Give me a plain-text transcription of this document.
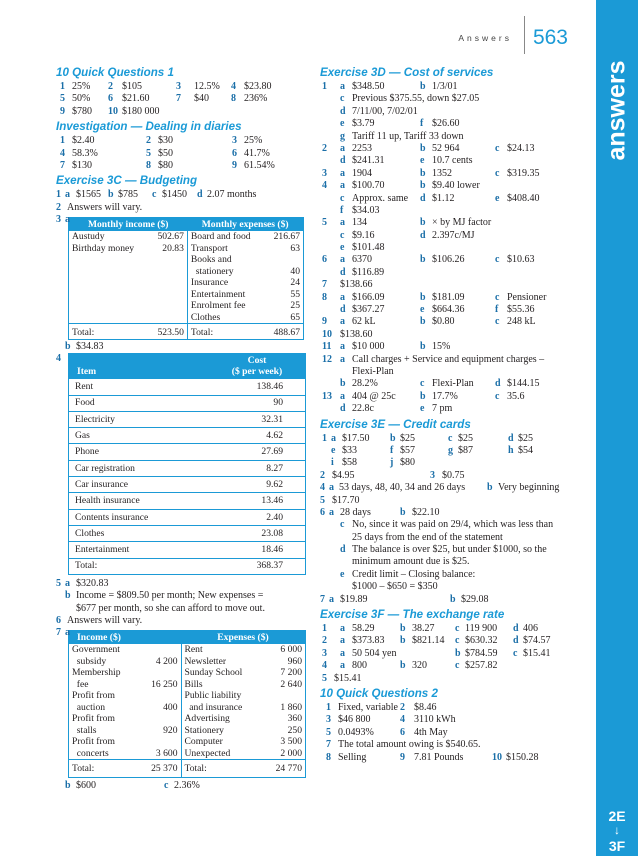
Answers 563
answers
2E
↓
3F
10 Quick Questions 1
1 25% 2 $105	3 12.5% 4 $23.80
5 50% 6 $21.60	7 $40 8 236%
9 $780 10 $180 000
Investigation — Dealing in diaries
1 $2.40	2 $30	3 25%
4 58.3%	5 $50	6 41.7%
7 $130	8 $80	9 61.54%
Exercise 3C — Budgeting
1 a $1565 b $785 c $1450 d 2.07 months
2 Answers will vary.
3 a Monthly income ($)		Monthly expenses ($)	
Austudy	502.67	Board and food	216.67
Birthday money	20.83	Transport	63
		Books and	
		stationery	40
		Insurance	24
		Entertainment	55
		Enrolment fee	25
		Clothes	65
Total:	523.50	Total:	488.67
b $34.83
4
Item	Cost
($ per week)

Rent	138.46
Food	90
Electricity	32.31
Gas	4.62
Phone	27.69
Car registration	8.27
Car insurance	9.62
Health insurance	13.46
Contents insurance	2.40
Clothes	23.08
Entertainment	18.46
Total:	368.37
5 a $320.83
b Income = $809.50 per month; New expenses =
$677 per month, so she can afford to move out.
6 Answers will vary.
7 a Income ($)		Expenses ($)	
Government		Rent	6 000
subsidy	4 200	Newsletter	960
Membership		Sunday School	7 200
fee	16 250	Bills	2 640
Profit from		Public liability	
auction	400	and insurance	1 860
Profit from		Advertising	360
stalls	920	Stationery	250
Profit from		Computer	3 500
concerts	3 600	Unexpected	2 000
Total:	25 370	Total:	24 770
b $600	c 2.36%
Exercise 3D — Cost of services
1 a $348.50	b 1/3/01
c Previous $375.55, down $27.05
d 7/11/00, 7/02/01
e $3.79	f $26.60
g Tariff 11 up, Tariff 33 down
2 a 2253	b 52 964	c $24.13
d $241.31	e 10.7 cents
3 a 1904	b 1352	c $319.35
4 a $100.70	b $9.40 lower
c Approx. same d $1.12	e $408.40
f $34.03
5 a 134	b × by MJ factor
c $9.16	d 2.397c/MJ
e $101.48
6 a 6370	b $106.26	c $10.63
d $116.89
7 $138.66
8 a $166.09	b $181.09	c Pensioner
d $367.27	e $664.36	f $55.36
9 a 62 kL	b $0.80	c 248 kL
10 $138.60
11 a $10 000	b 15%
12 a Call charges + Service and equipment charges –
Flexi-Plan
b 28.2%	c Flexi-Plan d $144.15
13 a 404 @ 25c b 17.7%	c 35.6
d 22.8c	e 7 pm
Exercise 3E — Credit cards
1 a $17.50 b $25	c $25	d $25
e $33	f $57	g $87	h $54
i $58	j $80
2 $4.95	3 $0.75
4 a 53 days, 48, 40, 34 and 26 days b Very beginning
5 $17.70
6 a 28 days	b $22.10
c No, since it was paid on 29/4, which was less than
25 days from the end of the statement
d The balance is over $25, but under $1000, so the
minimum amount due is $25.
e Credit limit – Closing balance:
$1000 – $650 = $350
7 a $19.89	b $29.08
Exercise 3F — The exchange rate
1 a 58.29	b 38.27 c 119 900 d 406
2 a $373.83 b $821.14 c $630.32 d $74.57
3 a 50 504 yen	b $784.59 c $15.41
4 a 800	b 320	c $257.82
5 $15.41
10 Quick Questions 2
1 Fixed, variable 2 $8.46
3 $46 800	4 3110 kWh
5 0.0493%	6 4th May
7 The total amount owing is $540.65.
8 Selling	9 7.81 Pounds	10 $150.28
